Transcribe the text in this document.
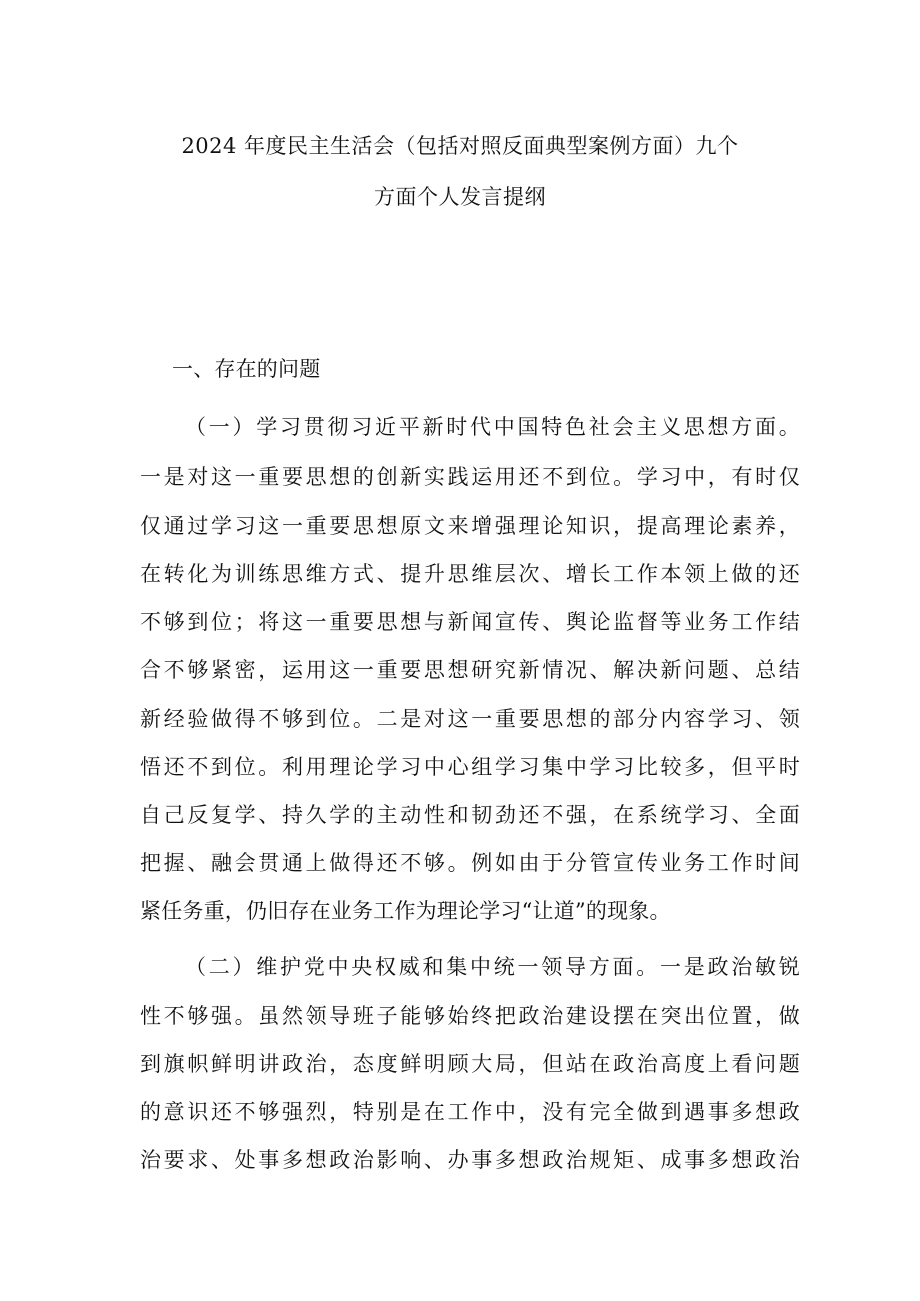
2024 年度民主生活会（包括对照反面典型案例方面）九个
方面个人发言提纲
一、存在的问题
（一）学习贯彻习近平新时代中国特色社会主义思想方面。
一是对这一重要思想的创新实践运用还不到位。学习中，有时仅
仅通过学习这一重要思想原文来增强理论知识，提高理论素养，
在转化为训练思维方式、提升思维层次、增长工作本领上做的还
不够到位；将这一重要思想与新闻宣传、舆论监督等业务工作结
合不够紧密，运用这一重要思想研究新情况、解决新问题、总结
新经验做得不够到位。二是对这一重要思想的部分内容学习、领
悟还不到位。利用理论学习中心组学习集中学习比较多，但平时
自己反复学、持久学的主动性和韧劲还不强，在系统学习、全面
把握、融会贯通上做得还不够。例如由于分管宣传业务工作时间
紧任务重，仍旧存在业务工作为理论学习“让道”的现象。
（二）维护党中央权威和集中统一领导方面。一是政治敏锐
性不够强。虽然领导班子能够始终把政治建设摆在突出位置，做
到旗帜鲜明讲政治，态度鲜明顾大局，但站在政治高度上看问题
的意识还不够强烈，特别是在工作中，没有完全做到遇事多想政
治要求、处事多想政治影响、办事多想政治规矩、成事多想政治
